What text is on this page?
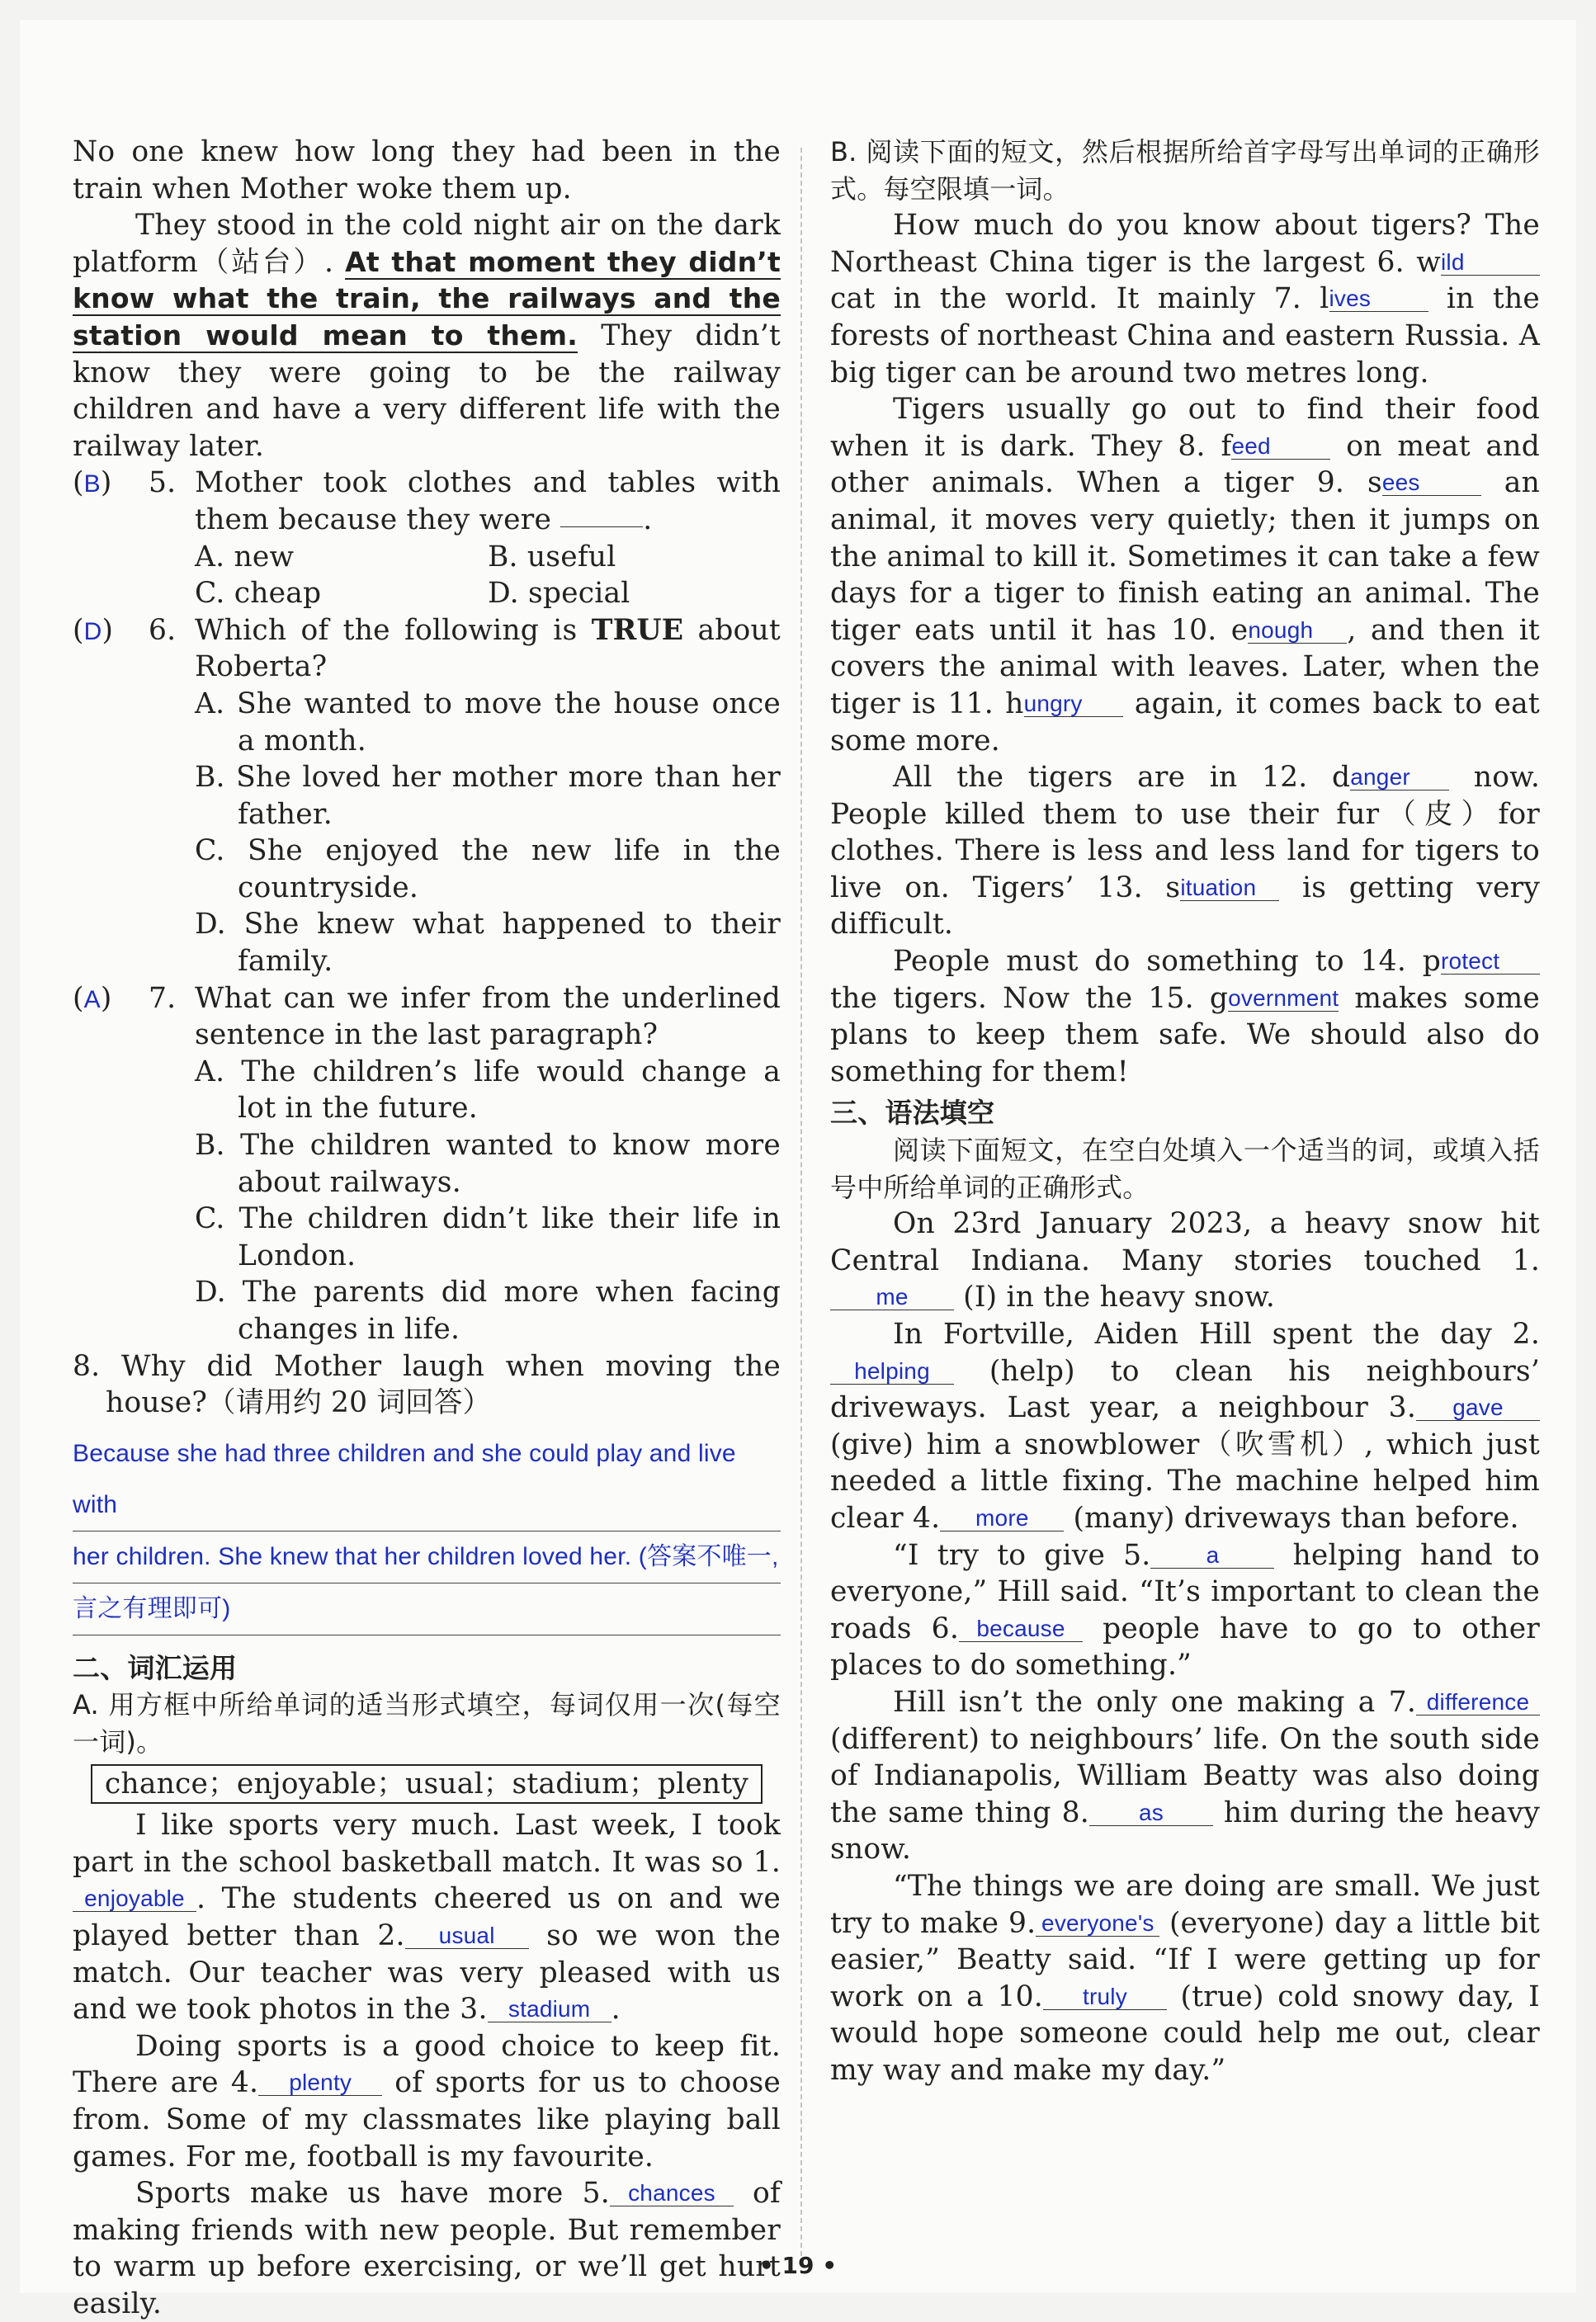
No one knew how long they had been in the train when Mother woke them up.

They stood in the cold night air on the dark platform（站台）. At that moment they didn’t know what the train, the railways and the station would mean to them. They didn’t know they were going to be the railway children and have a very different life with the railway later.

(B) 5. Mother took clothes and tables with them because they were	.

A. new	B. useful
C. cheap	D. special
(D) 6. Which of the following is TRUE about Roberta?

A. She wanted to move the house once a month.

B. She loved her mother more than her father.

C. She enjoyed the new life in the countryside.

D. She knew what happened to their family.

(A) 7. What can we infer from the underlined sentence in the last paragraph?

A. The children’s life would change a lot in the future.

B. The children wanted to know more about railways.

C. The children didn’t like their life in London.

D. The parents did more when facing changes in life.

8. Why did Mother laugh when moving the house?（请用约 20 词回答）

Because she had three children and she could play and live with
her children. She knew that her children loved her. (答案不唯一,
言之有理即可)

二、词汇运用

A. 用方框中所给单词的适当形式填空，每词仅用一次(每空一词)。

chance；enjoyable；usual；stadium；plenty

I like sports very much. Last week, I took part in the school basketball match. It was so 1.enjoyable . The students cheered us on and we played better than 2. usual so we won the match. Our teacher was very pleased with us and we took photos in the 3. stadium .

Doing sports is a good choice to keep fit. There are 4. plenty of sports for us to choose from. Some of my classmates like playing ball games. For me, football is my favourite.

Sports make us have more 5. chances of making friends with new people. But remember to warm up before exercising, or we’ll get hurt easily.

B. 阅读下面的短文，然后根据所给首字母写出单词的正确形式。每空限填一词。

How much do you know about tigers? The Northeast China tiger is the largest 6. wild cat in the world. It mainly 7. lives in the forests of northeast China and eastern Russia. A big tiger can be around two metres long.

Tigers usually go out to find their food when it is dark. They 8. feed on meat and other animals. When a tiger 9. sees an animal, it moves very quietly; then it jumps on the animal to kill it. Sometimes it can take a few days for a tiger to finish eating an animal. The tiger eats until it has 10. enough , and then it covers the animal with leaves. Later, when the tiger is 11. hungry again, it comes back to eat some more.

All the tigers are in 12. danger now. People killed them to use their fur（皮）for clothes. There is less and less land for tigers to live on. Tigers’ 13. situation is getting very difficult.

People must do something to 14. protect the tigers. Now the 15. government makes some plans to keep them safe. We should also do something for them!

三、语法填空

阅读下面短文，在空白处填入一个适当的词，或填入括号中所给单词的正确形式。

On 23rd January 2023, a heavy snow hit Central Indiana. Many stories touched 1.me (I) in the heavy snow.

In Fortville, Aiden Hill spent the day 2.helping (help) to clean his neighbours’ driveways. Last year, a neighbour 3. gave (give) him a snowblower（吹雪机）, which just needed a little fixing. The machine helped him clear 4. more (many) driveways than before.

“I try to give 5. a helping hand to everyone,” Hill said. “It’s important to clean the roads 6. because people have to go to other places to do something.”

Hill isn’t the only one making a 7. difference (different) to neighbours’ life. On the south side of Indianapolis, William Beatty was also doing the same thing 8. as him during the heavy snow.

“The things we are doing are small. We just try to make 9. everyone's (everyone) day a little bit easier,” Beatty said. “If I were getting up for work on a 10. truly (true) cold snowy day, I would hope someone could help me out, clear my way and make my day.”

• 19 •
